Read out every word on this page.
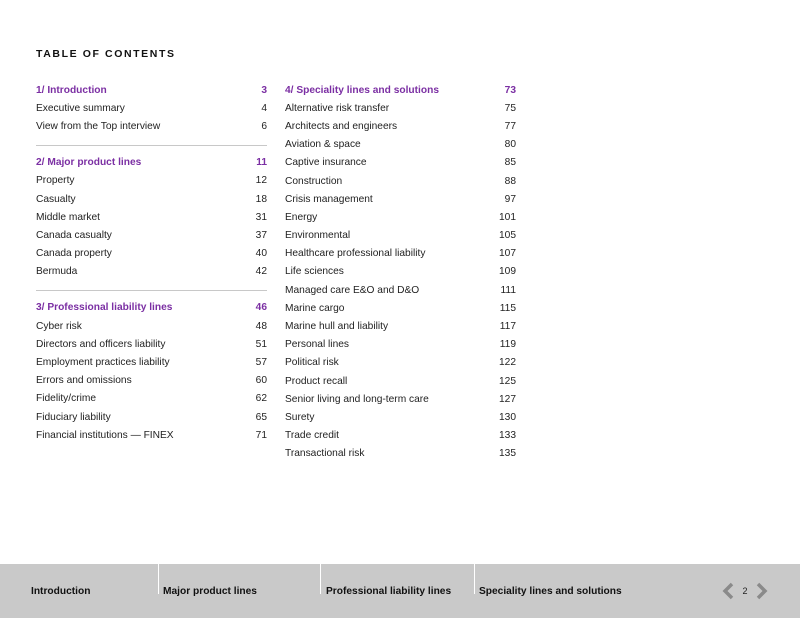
TABLE OF CONTENTS
1/ Introduction	3
Executive summary	4
View from the Top interview	6
2/ Major product lines	11
Property	12
Casualty	18
Middle market	31
Canada casualty	37
Canada property	40
Bermuda	42
3/ Professional liability lines	46
Cyber risk	48
Directors and officers liability	51
Employment practices liability	57
Errors and omissions	60
Fidelity/crime	62
Fiduciary liability	65
Financial institutions — FINEX	71
4/ Speciality lines and solutions	73
Alternative risk transfer	75
Architects and engineers	77
Aviation & space	80
Captive insurance	85
Construction	88
Crisis management	97
Energy	101
Environmental	105
Healthcare professional liability	107
Life sciences	109
Managed care E&O and D&O	111
Marine cargo	115
Marine hull and liability	117
Personal lines	119
Political risk	122
Product recall	125
Senior living and long-term care	127
Surety	130
Trade credit	133
Transactional risk	135
Introduction	Major product lines	Professional liability lines	Speciality lines and solutions	2
